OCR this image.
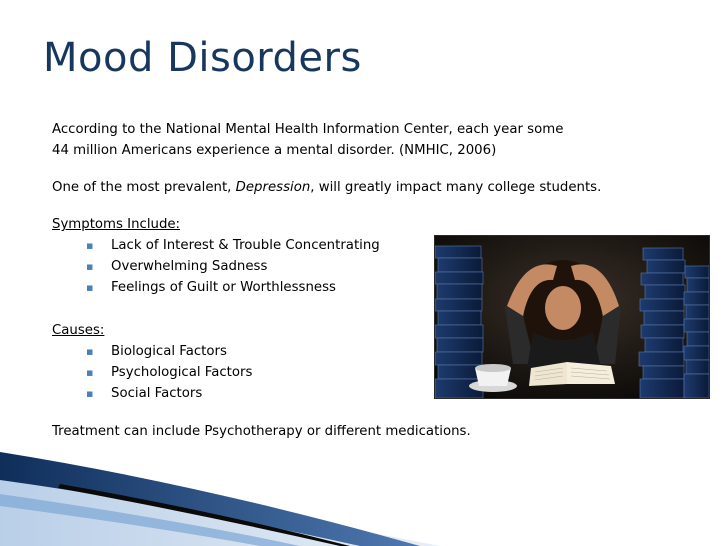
Mood Disorders
According to the National Mental Health Information Center, each year some
44 million Americans experience a mental disorder. (NMHIC, 2006)
One of the most prevalent, Depression, will greatly impact many college students.
Symptoms Include:
▪ Lack of Interest & Trouble Concentrating
▪ Overwhelming Sadness
▪ Feelings of Guilt or Worthlessness
Causes:
▪ Biological Factors
▪ Psychological Factors
▪ Social Factors
Treatment can include Psychotherapy or different medications.
